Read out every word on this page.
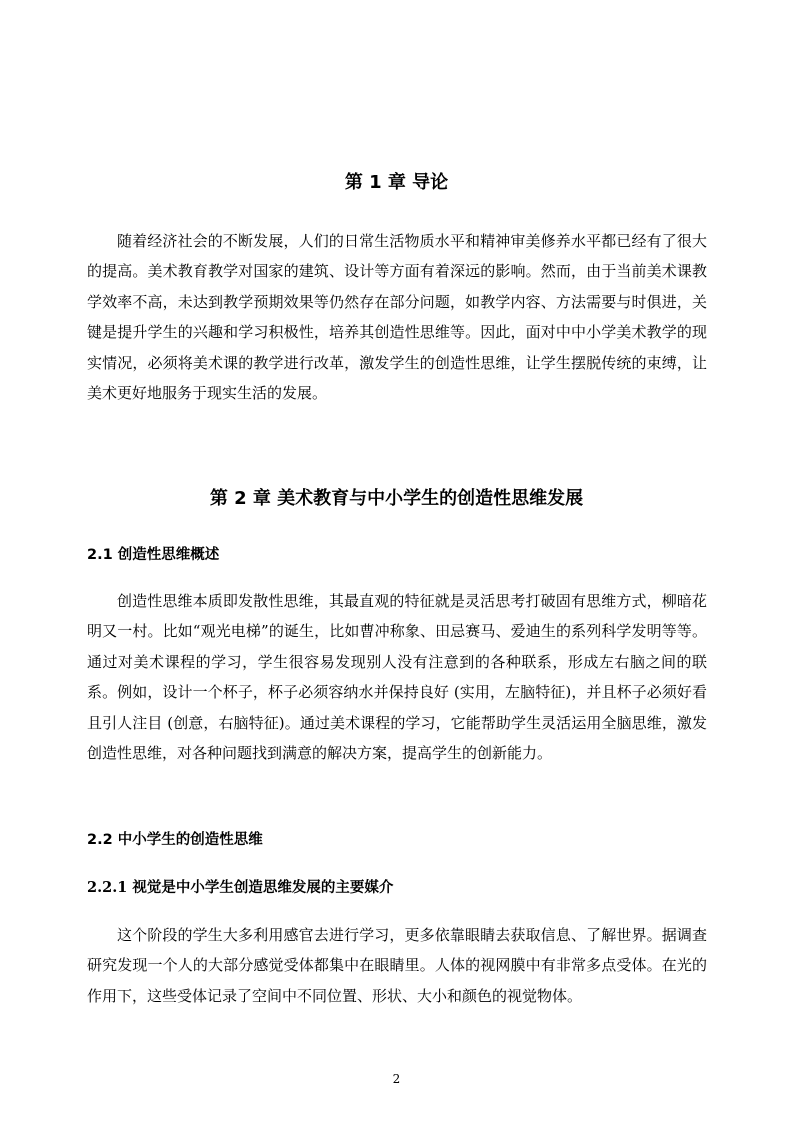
第 1 章 导论

随着经济社会的不断发展，人们的日常生活物质水平和精神审美修养水平都已经有了很大的提高。美术教育教学对国家的建筑、设计等方面有着深远的影响。然而，由于当前美术课教学效率不高，未达到教学预期效果等仍然存在部分问题，如教学内容、方法需要与时俱进，关键是提升学生的兴趣和学习积极性，培养其创造性思维等。因此，面对中中小学美术教学的现实情况，必须将美术课的教学进行改革，激发学生的创造性思维，让学生摆脱传统的束缚，让美术更好地服务于现实生活的发展。

第 2 章 美术教育与中小学生的创造性思维发展
2.1 创造性思维概述

创造性思维本质即发散性思维，其最直观的特征就是灵活思考打破固有思维方式，柳暗花明又一村。比如“观光电梯”的诞生，比如曹冲称象、田忌赛马、爱迪生的系列科学发明等等。通过对美术课程的学习，学生很容易发现别人没有注意到的各种联系，形成左右脑之间的联系。例如，设计一个杯子，杯子必须容纳水并保持良好 (实用，左脑特征)，并且杯子必须好看且引人注目 (创意，右脑特征)。通过美术课程的学习，它能帮助学生灵活运用全脑思维，激发创造性思维，对各种问题找到满意的解决方案，提高学生的创新能力。

2.2 中小学生的创造性思维
2.2.1 视觉是中小学生创造思维发展的主要媒介

这个阶段的学生大多利用感官去进行学习，更多依靠眼睛去获取信息、了解世界。据调查研究发现一个人的大部分感觉受体都集中在眼睛里。人体的视网膜中有非常多点受体。在光的作用下，这些受体记录了空间中不同位置、形状、大小和颜色的视觉物体。

2
